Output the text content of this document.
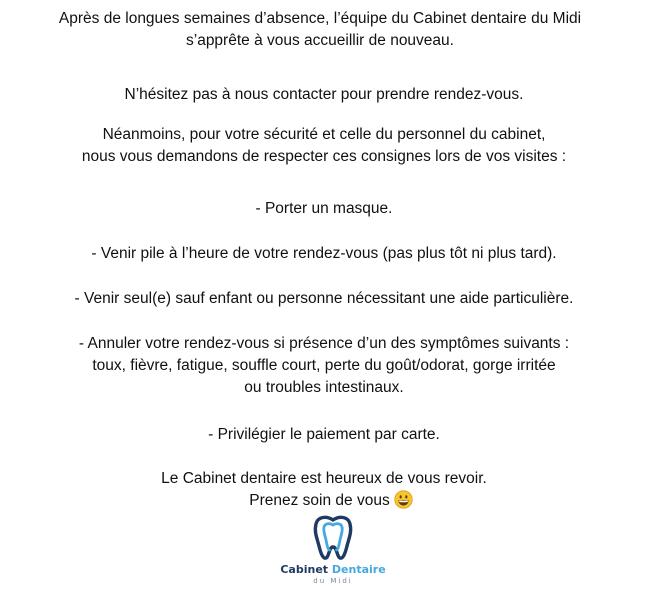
Après de longues semaines d’absence, l’équipe du Cabinet dentaire du Midi
s’apprête à vous accueillir de nouveau.

N’hésitez pas à nous contacter pour prendre rendez-vous.

Néanmoins, pour votre sécurité et celle du personnel du cabinet,
nous vous demandons de respecter ces consignes lors de vos visites :

- Porter un masque.

- Venir pile à l’heure de votre rendez-vous (pas plus tôt ni plus tard).

- Venir seul(e) sauf enfant ou personne nécessitant une aide particulière.

- Annuler votre rendez-vous si présence d’un des symptômes suivants :
toux, fièvre, fatigue, souffle court, perte du goût/odorat, gorge irritée
ou troubles intestinaux.

- Privilégier le paiement par carte.

Le Cabinet dentaire est heureux de vous revoir.
Prenez soin de vous

Cabinet Dentaire
du Midi
